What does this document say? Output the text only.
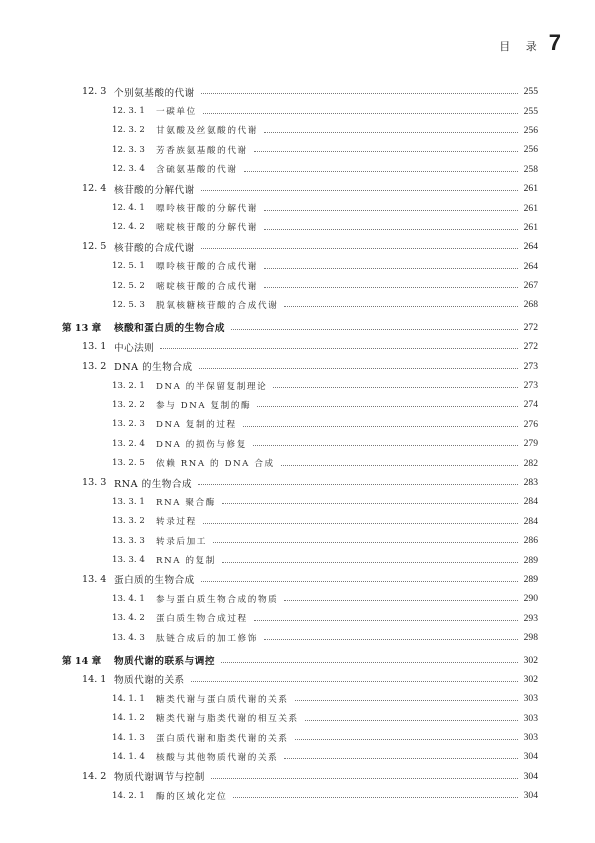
目 录 7
12. 3 个别氨基酸的代谢	255
12. 3. 1	一碳单位	255
12. 3. 2	甘氨酸及丝氨酸的代谢	256
12. 3. 3	芳香族氨基酸的代谢	256
12. 3. 4	含硫氨基酸的代谢	258
12. 4 核苷酸的分解代谢	261
12. 4. 1	嘌呤核苷酸的分解代谢	261
12. 4. 2	嘧啶核苷酸的分解代谢	261
12. 5 核苷酸的合成代谢	264
12. 5. 1	嘌呤核苷酸的合成代谢	264
12. 5. 2	嘧啶核苷酸的合成代谢	267
12. 5. 3	脱氧核糖核苷酸的合成代谢	268
第 13 章	核酸和蛋白质的生物合成	272
13. 1 中心法则	272
13. 2 DNA 的生物合成	273
13. 2. 1	DNA 的半保留复制理论	273
13. 2. 2	参与 DNA 复制的酶	274
13. 2. 3	DNA 复制的过程	276
13. 2. 4	DNA 的损伤与修复	279
13. 2. 5	依赖 RNA 的 DNA 合成	282
13. 3 RNA 的生物合成	283
13. 3. 1	RNA 聚合酶	284
13. 3. 2	转录过程	284
13. 3. 3	转录后加工	286
13. 3. 4	RNA 的复制	289
13. 4 蛋白质的生物合成	289
13. 4. 1	参与蛋白质生物合成的物质	290
13. 4. 2	蛋白质生物合成过程	293
13. 4. 3	肽链合成后的加工修饰	298
第 14 章	物质代谢的联系与调控	302
14. 1 物质代谢的关系	302
14. 1. 1	糖类代谢与蛋白质代谢的关系	303
14. 1. 2	糖类代谢与脂类代谢的相互关系	303
14. 1. 3	蛋白质代谢和脂类代谢的关系	303
14. 1. 4	核酸与其他物质代谢的关系	304
14. 2 物质代谢调节与控制	304
14. 2. 1	酶的区域化定位	304
